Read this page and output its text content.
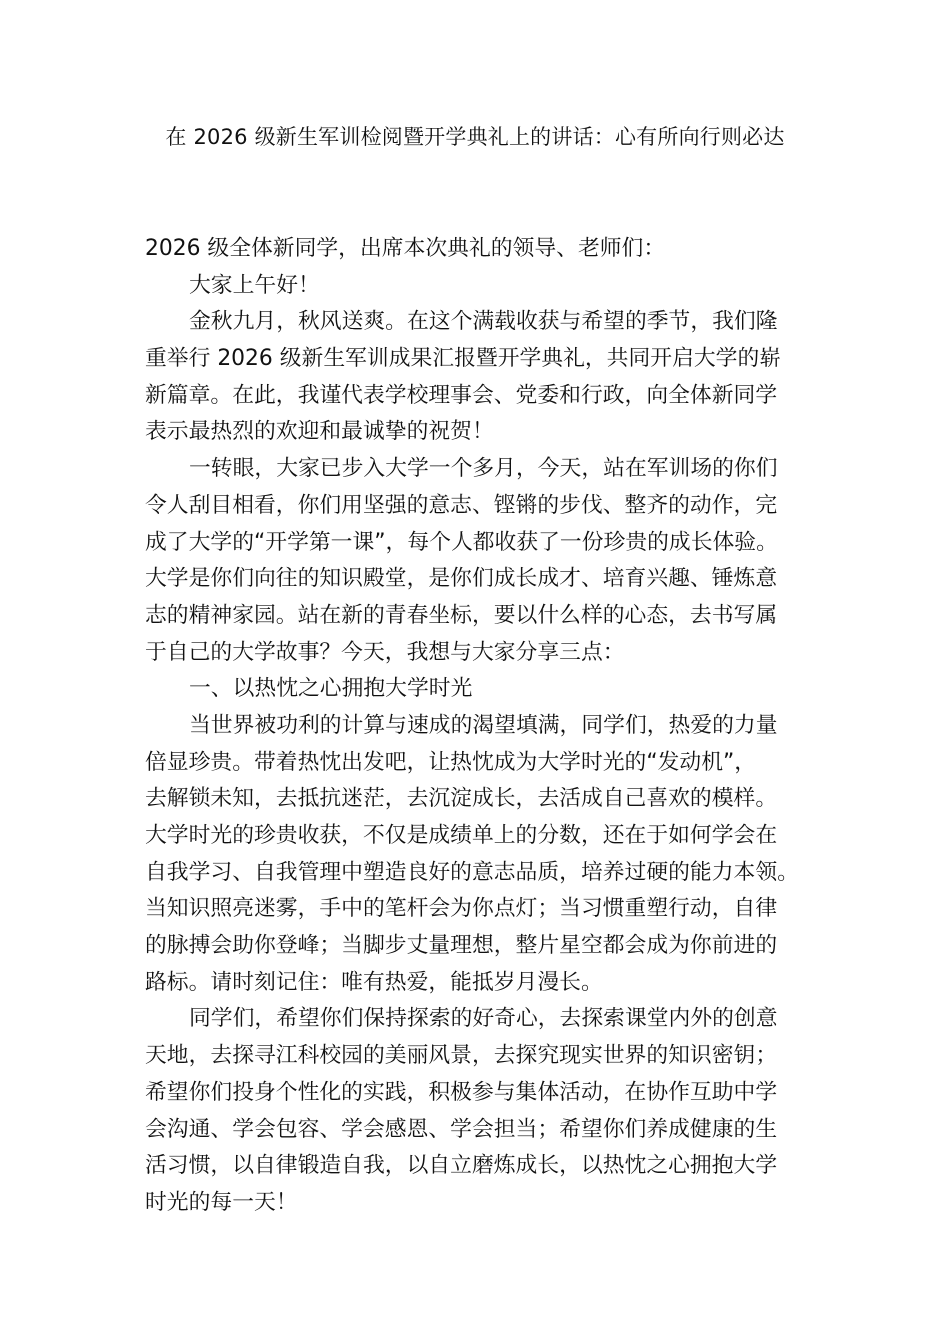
在 2026 级新生军训检阅暨开学典礼上的讲话：心有所向行则必达
2026 级全体新同学，出席本次典礼的领导、老师们：
大家上午好！
金秋九月，秋风送爽。在这个满载收获与希望的季节，我们隆
重举行 2026 级新生军训成果汇报暨开学典礼，共同开启大学的崭
新篇章。在此，我谨代表学校理事会、党委和行政，向全体新同学
表示最热烈的欢迎和最诚挚的祝贺！
一转眼，大家已步入大学一个多月，今天，站在军训场的你们
令人刮目相看，你们用坚强的意志、铿锵的步伐、整齐的动作，完
成了大学的“开学第一课”，每个人都收获了一份珍贵的成长体验。
大学是你们向往的知识殿堂，是你们成长成才、培育兴趣、锤炼意
志的精神家园。站在新的青春坐标，要以什么样的心态，去书写属
于自己的大学故事？今天，我想与大家分享三点：
一、以热忱之心拥抱大学时光
当世界被功利的计算与速成的渴望填满，同学们，热爱的力量
倍显珍贵。带着热忱出发吧，让热忱成为大学时光的“发动机”，
去解锁未知，去抵抗迷茫，去沉淀成长，去活成自己喜欢的模样。
大学时光的珍贵收获，不仅是成绩单上的分数，还在于如何学会在
自我学习、自我管理中塑造良好的意志品质，培养过硬的能力本领。
当知识照亮迷雾，手中的笔杆会为你点灯；当习惯重塑行动，自律
的脉搏会助你登峰；当脚步丈量理想，整片星空都会成为你前进的
路标。请时刻记住：唯有热爱，能抵岁月漫长。
同学们，希望你们保持探索的好奇心，去探索课堂内外的创意
天地，去探寻江科校园的美丽风景，去探究现实世界的知识密钥；
希望你们投身个性化的实践，积极参与集体活动，在协作互助中学
会沟通、学会包容、学会感恩、学会担当；希望你们养成健康的生
活习惯，以自律锻造自我，以自立磨炼成长，以热忱之心拥抱大学
时光的每一天！
